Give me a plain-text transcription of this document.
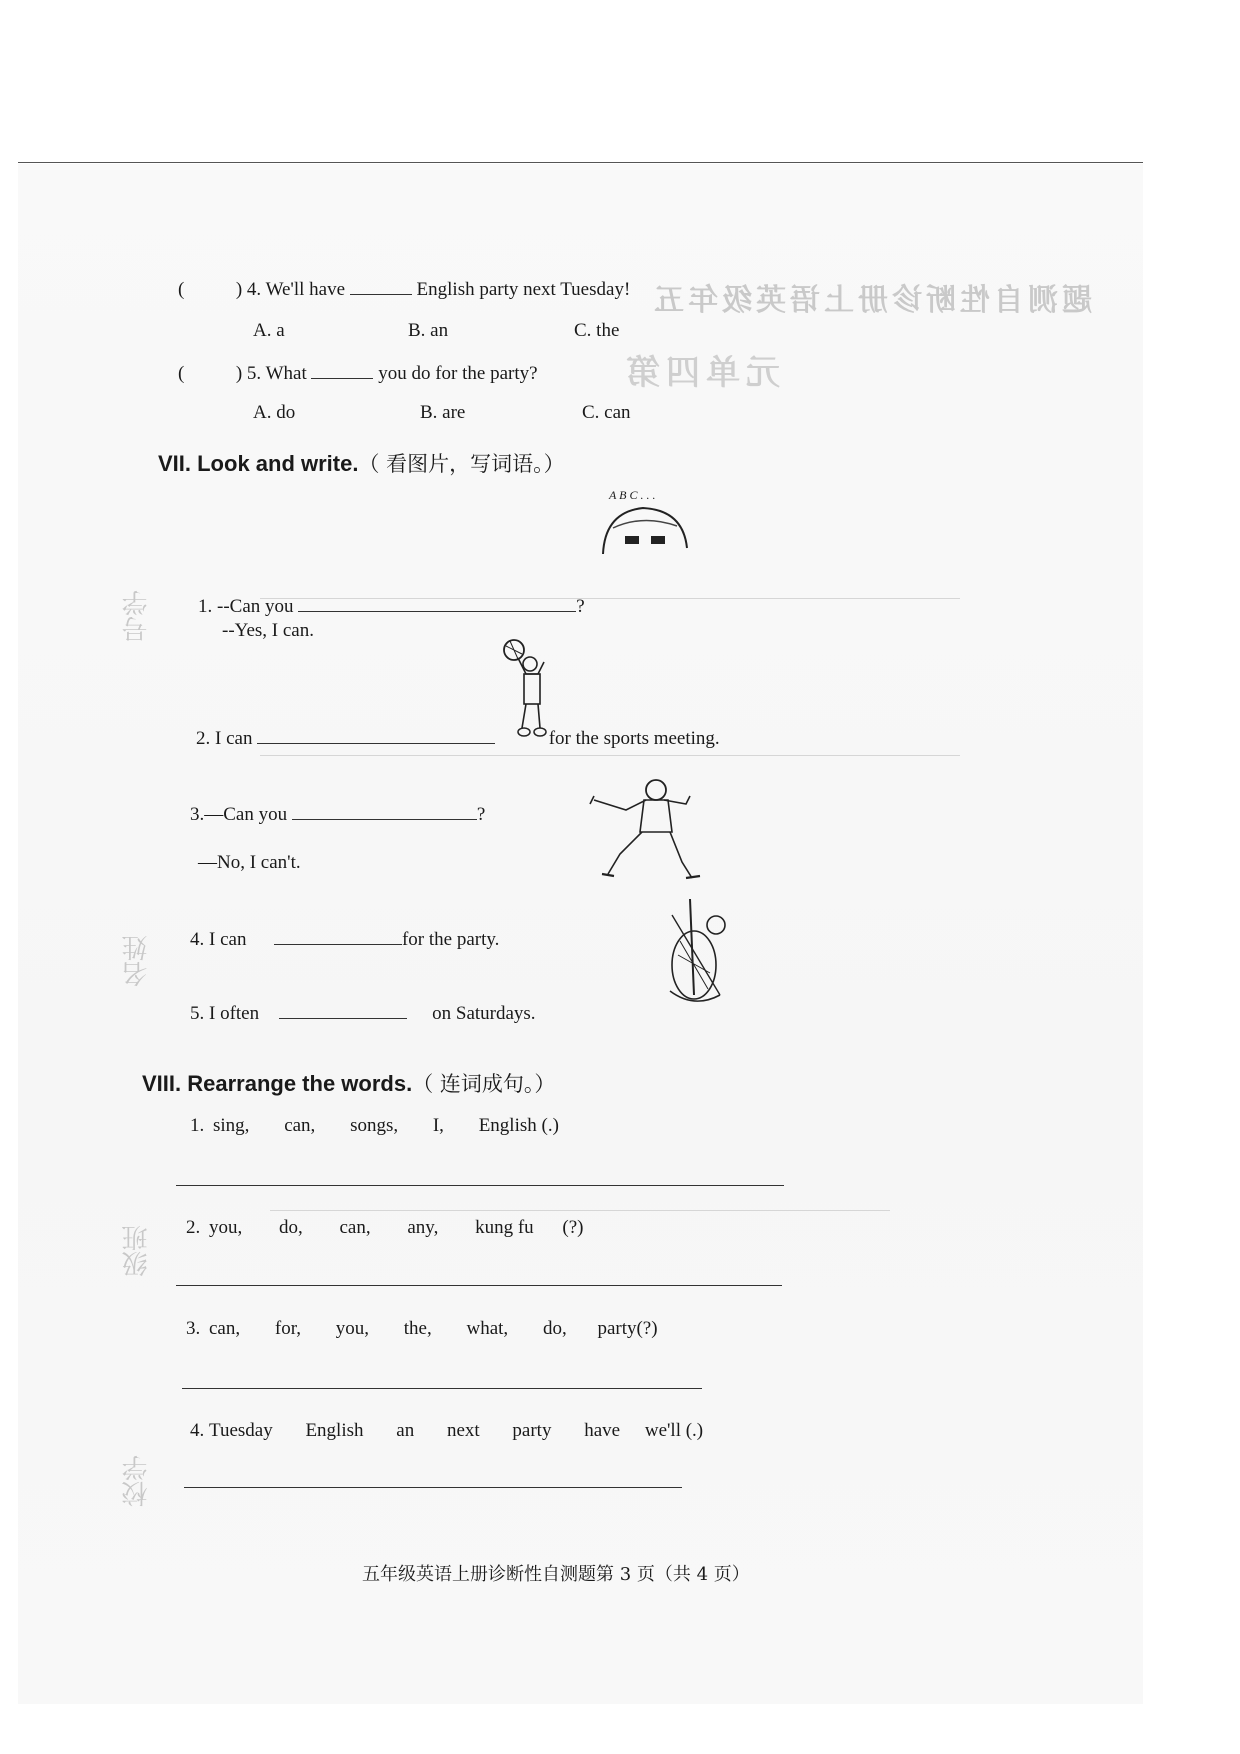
题测自性断诊册上语英级年五
元单四第
号学
名姓
级班
校学
(	) 4. We'll have	English party next Tuesday!
A. a	B. an	C. the
(	) 5. What	you do for the party?
A. do	B. are	C. can
VII. Look and write.（ 看图片，写词语。）
1. --Can you	?
--Yes, I can.
2. I can	for the sports meeting.
3.—Can you	?
—No, I can't.
4. I can	for the party.
5. I often	on Saturdays.
A B C . . .
VIII. Rearrange the words.（ 连词成句。）
1. sing, can, songs, I, English (.)
2. you, do, can, any, kung fu (?)
3. can, for, you, the, what, do, party(?)
4. Tuesday English an next party have we'll (.)
五年级英语上册诊断性自测题第 3 页（共 4 页）
